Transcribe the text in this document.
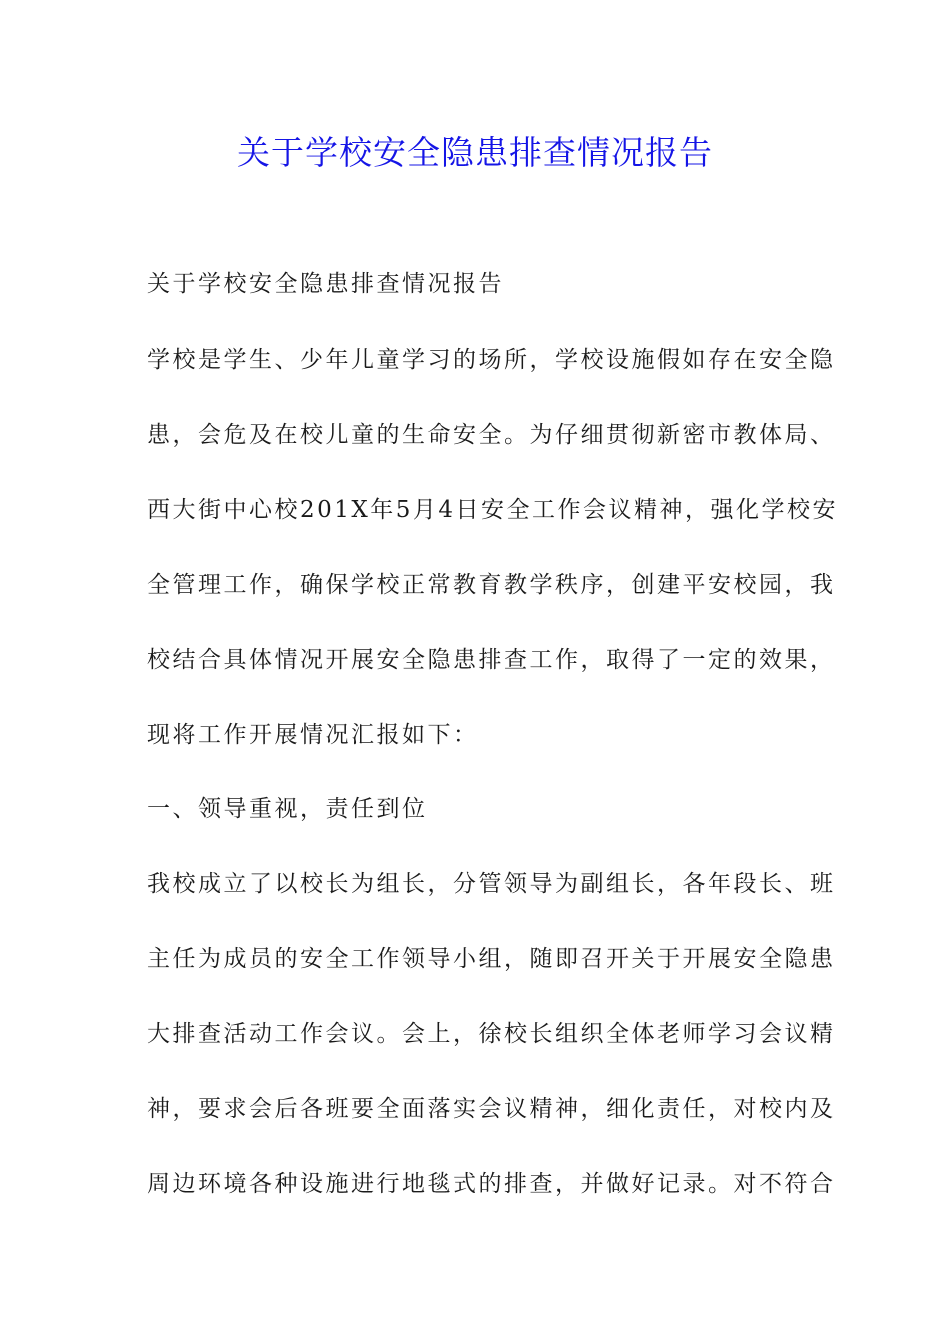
关于学校安全隐患排查情况报告
关于学校安全隐患排查情况报告
学校是学生、少年儿童学习的场所，学校设施假如存在安全隐
患，会危及在校儿童的生命安全。为仔细贯彻新密市教体局、
西大街中心校201X年5月4日安全工作会议精神，强化学校安
全管理工作，确保学校正常教育教学秩序，创建平安校园，我
校结合具体情况开展安全隐患排查工作，取得了一定的效果，
现将工作开展情况汇报如下：
一、领导重视，责任到位
我校成立了以校长为组长，分管领导为副组长，各年段长、班
主任为成员的安全工作领导小组，随即召开关于开展安全隐患
大排查活动工作会议。会上，徐校长组织全体老师学习会议精
神，要求会后各班要全面落实会议精神，细化责任，对校内及
周边环境各种设施进行地毯式的排查，并做好记录。对不符合
